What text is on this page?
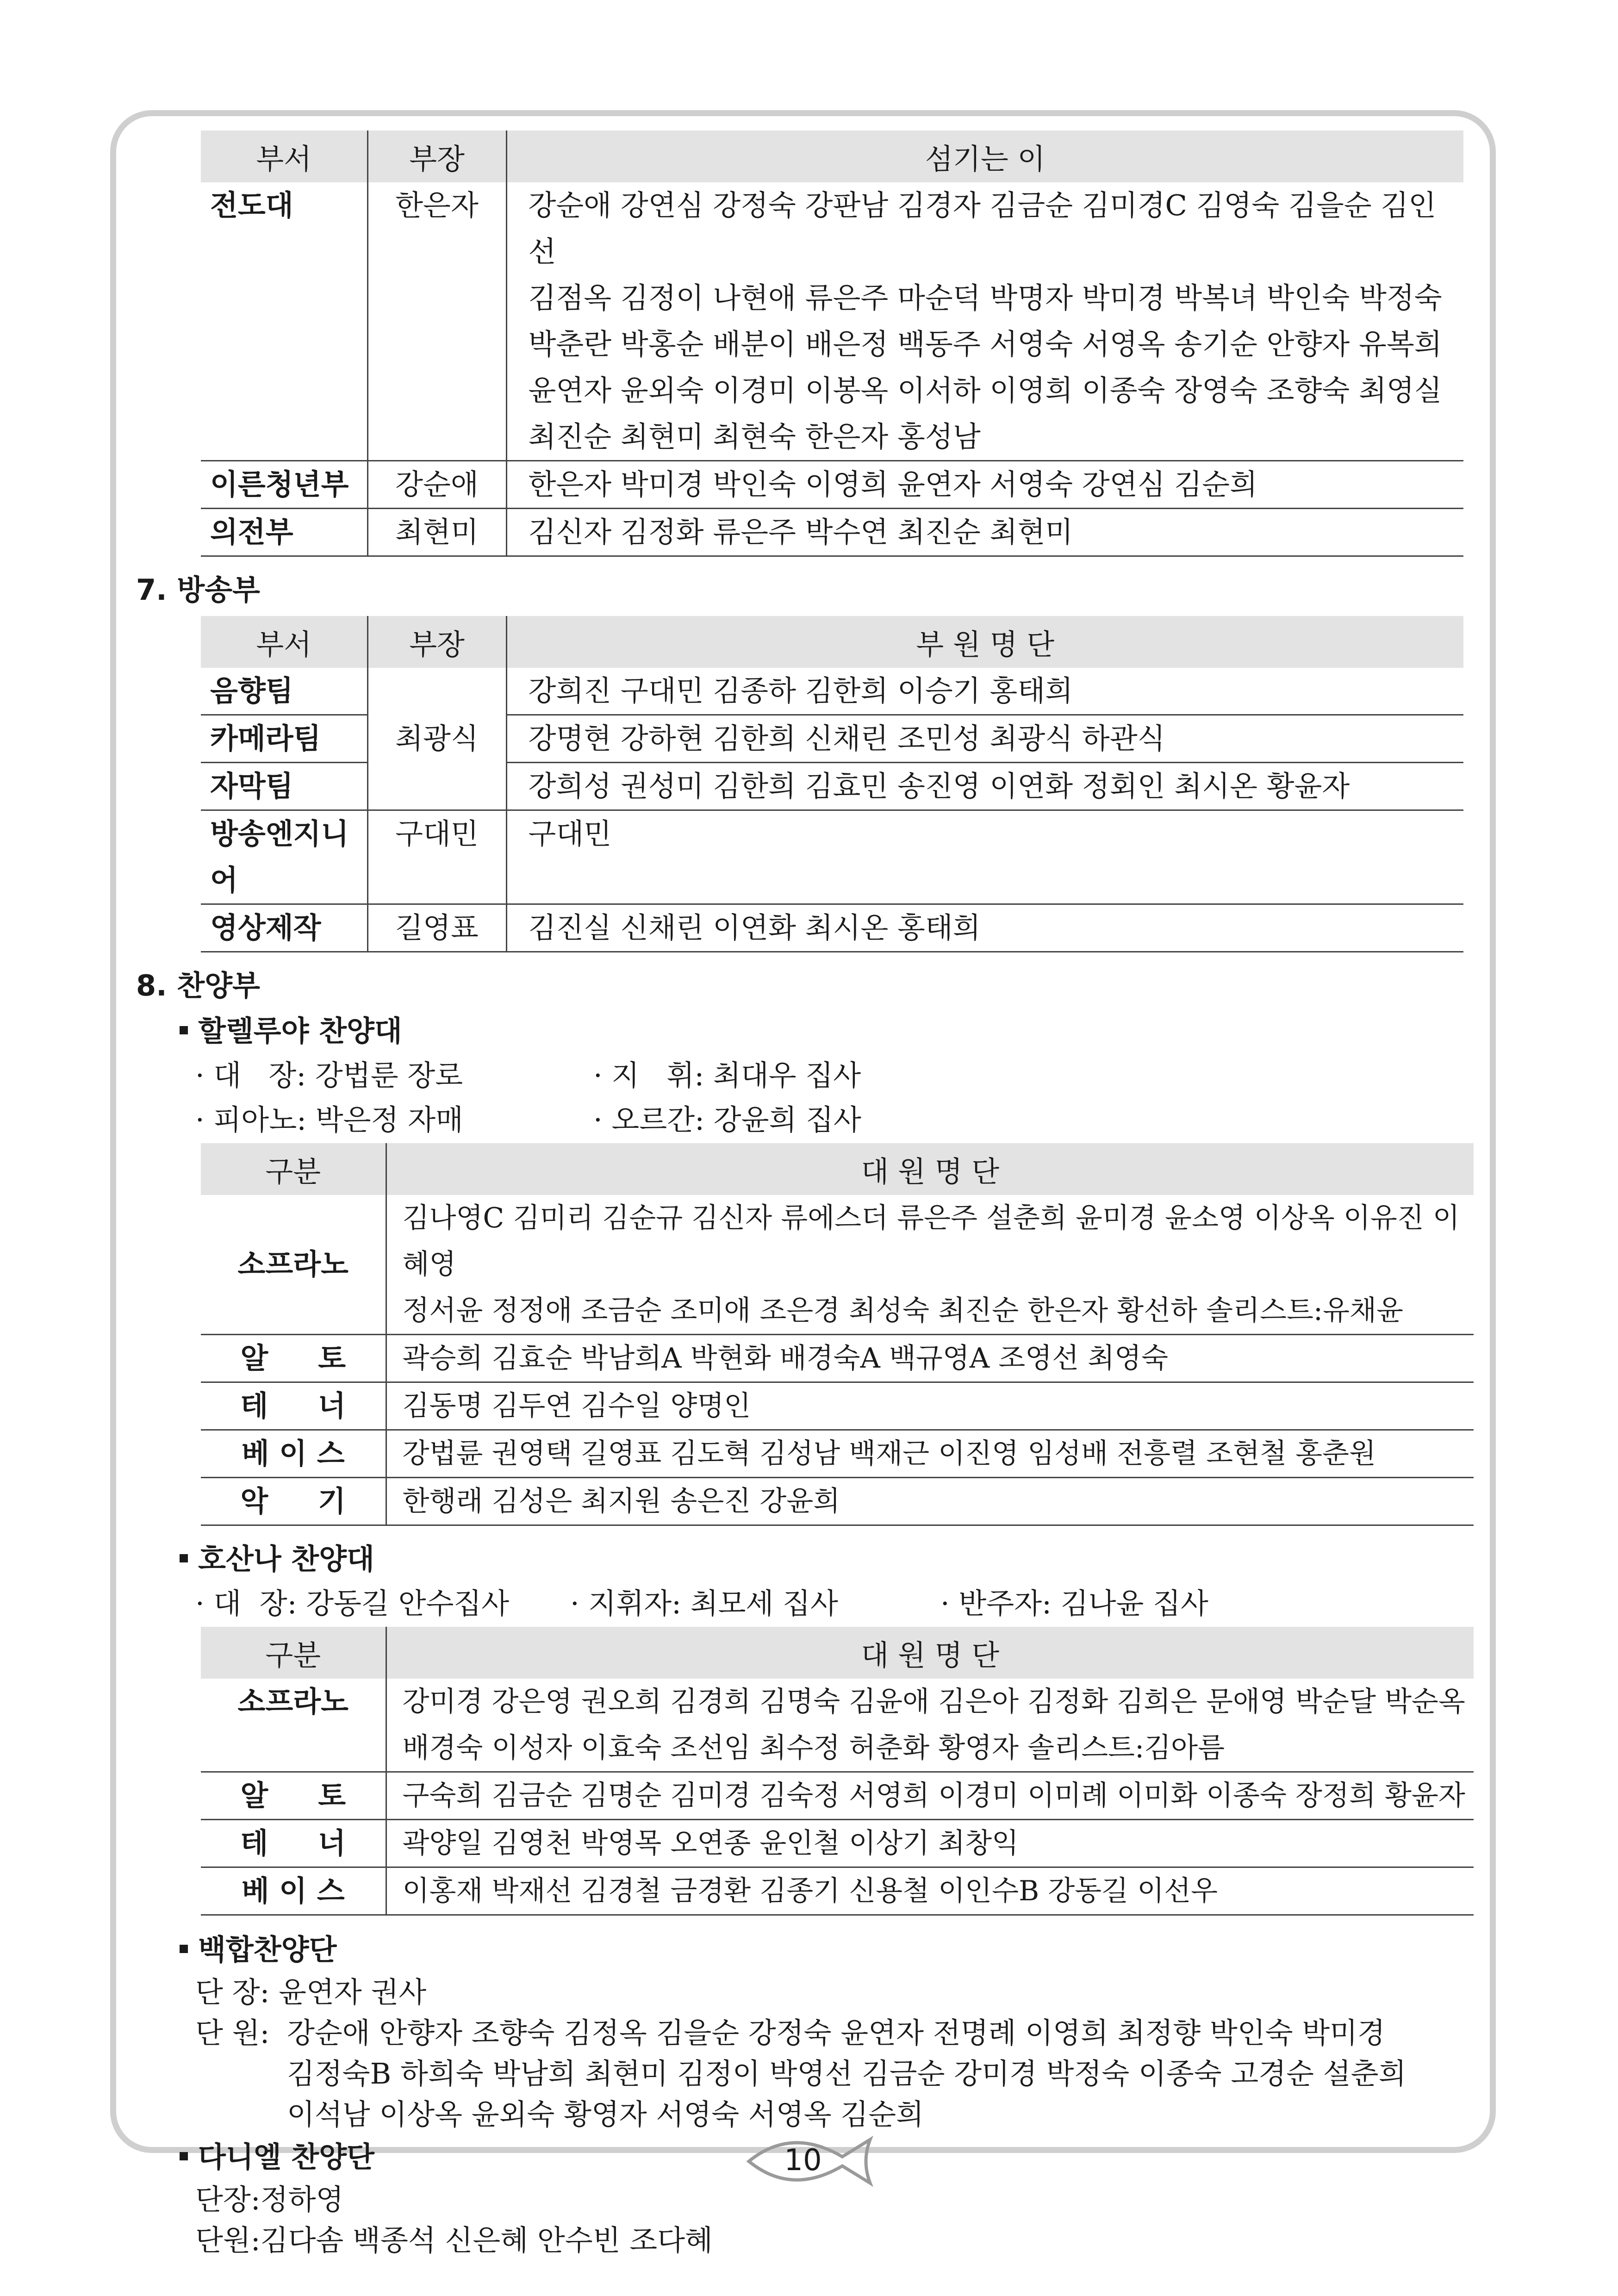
부서	부장	섬기는 이
전도대	한은자	강순애 강연심 강정숙 강판남 김경자 김금순 김미경C 김영숙 김을순 김인선
김점옥 김정이 나현애 류은주 마순덕 박명자 박미경 박복녀 박인숙 박정숙
박춘란 박홍순 배분이 배은정 백동주 서영숙 서영옥 송기순 안향자 유복희
윤연자 윤외숙 이경미 이봉옥 이서하 이영희 이종숙 장영숙 조향숙 최영실
최진순 최현미 최현숙 한은자 홍성남

이른청년부	강순애	한은자 박미경 박인숙 이영희 윤연자 서영숙 강연심 김순희
의전부	최현미	김신자 김정화 류은주 박수연 최진순 최현미
7. 방송부
부서	부장	부 원 명 단
음향팀	최광식	강희진 구대민 김종하 김한희 이승기 홍태희
카메라팀		강명현 강하현 김한희 신채린 조민성 최광식 하관식
자막팀		강희성 권성미 김한희 김효민 송진영 이연화 정회인 최시온 황윤자
방송엔지니어	구대민	구대민
영상제작	길영표	김진실 신채린 이연화 최시온 홍태희
8. 찬양부
할렐루야 찬양대
· 대   장: 강법룬 장로	· 지   휘: 최대우 집사
· 피아노: 박은정 자매	· 오르간: 강윤희 집사
구분	대 원 명 단
소프라노	김나영C 김미리 김순규 김신자 류에스더 류은주 설춘희 윤미경 윤소영 이상옥 이유진 이혜영
정서윤 정정애 조금순 조미애 조은경 최성숙 최진순 한은자 황선하 솔리스트:유채윤

알     토	곽승희 김효순 박남희A 박현화 배경숙A 백규영A 조영선 최영숙
테     너	김동명 김두연 김수일 양명인
베 이 스	강법륜 권영택 길영표 김도혁 김성남 백재근 이진영 임성배 전흥렬 조현철 홍춘원
악     기	한행래 김성은 최지원 송은진 강윤희
호산나 찬양대
· 대  장: 강동길 안수집사 · 지휘자: 최모세 집사	· 반주자: 김나윤 집사
구분	대 원 명 단
소프라노	강미경 강은영 권오희 김경희 김명숙 김윤애 김은아 김정화 김희은 문애영 박순달 박순옥
배경숙 이성자 이효숙 조선임 최수정 허춘화 황영자 솔리스트:김아름

알     토	구숙희 김금순 김명순 김미경 김숙정 서영희 이경미 이미례 이미화 이종숙 장정희 황윤자
테     너	곽양일 김영천 박영목 오연종 윤인철 이상기 최창익
베 이 스	이홍재 박재선 김경철 금경환 김종기 신용철 이인수B 강동길 이선우
백합찬양단
단 장: 윤연자 권사
단 원: 강순애 안향자 조향숙 김정옥 김을순 강정숙 윤연자 전명례 이영희 최정향 박인숙 박미경
김정숙B 하희숙 박남희 최현미 김정이 박영선 김금순 강미경 박정숙 이종숙 고경순 설춘희
이석남 이상옥 윤외숙 황영자 서영숙 서영옥 김순희
다니엘 찬양단
단장:정하영
단원:김다솜 백종석 신은혜 안수빈 조다혜
10
